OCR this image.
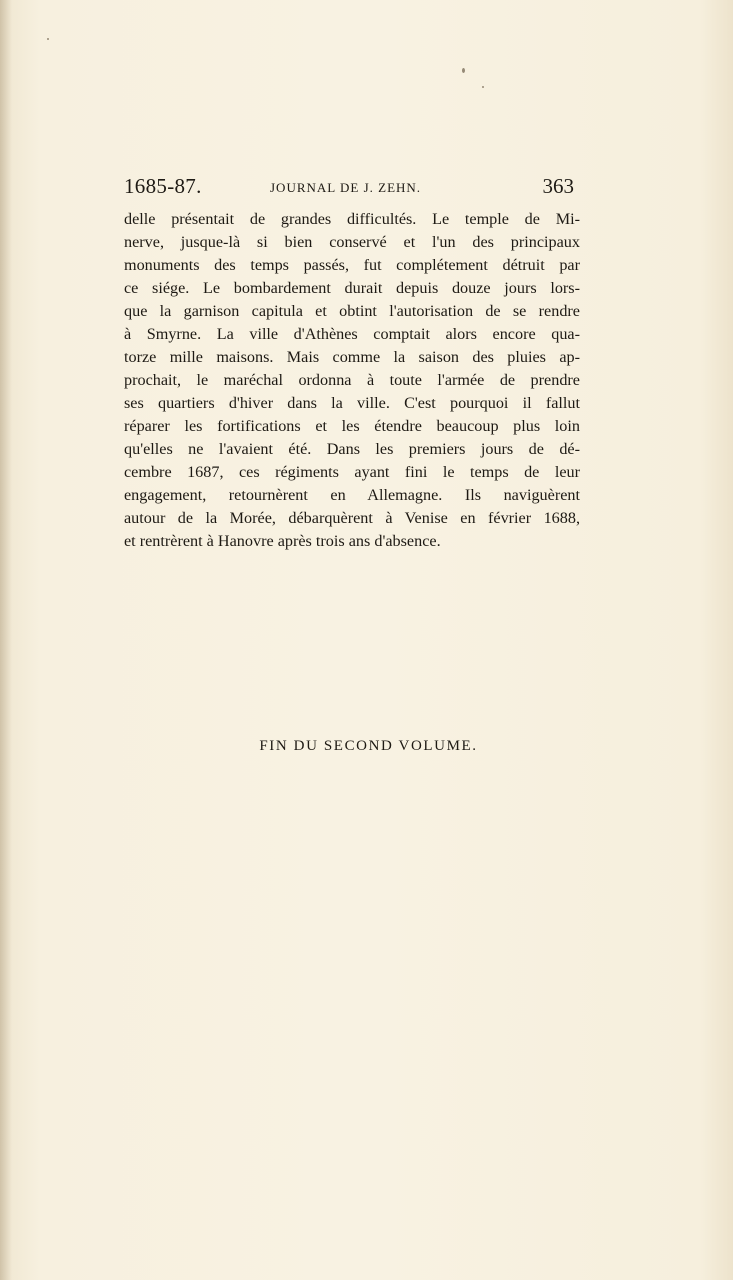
1685-87.	JOURNAL DE J. ZEHN.	363
delle présentait de grandes difficultés. Le temple de Mi-
nerve, jusque-là si bien conservé et l'un des principaux
monuments des temps passés, fut complétement détruit par
ce siége. Le bombardement durait depuis douze jours lors-
que la garnison capitula et obtint l'autorisation de se rendre
à Smyrne. La ville d'Athènes comptait alors encore qua-
torze mille maisons. Mais comme la saison des pluies ap-
prochait, le maréchal ordonna à toute l'armée de prendre
ses quartiers d'hiver dans la ville. C'est pourquoi il fallut
réparer les fortifications et les étendre beaucoup plus loin
qu'elles ne l'avaient été. Dans les premiers jours de dé-
cembre 1687, ces régiments ayant fini le temps de leur
engagement, retournèrent en Allemagne. Ils naviguèrent
autour de la Morée, débarquèrent à Venise en février 1688,
et rentrèrent à Hanovre après trois ans d'absence.
FIN DU SECOND VOLUME.
